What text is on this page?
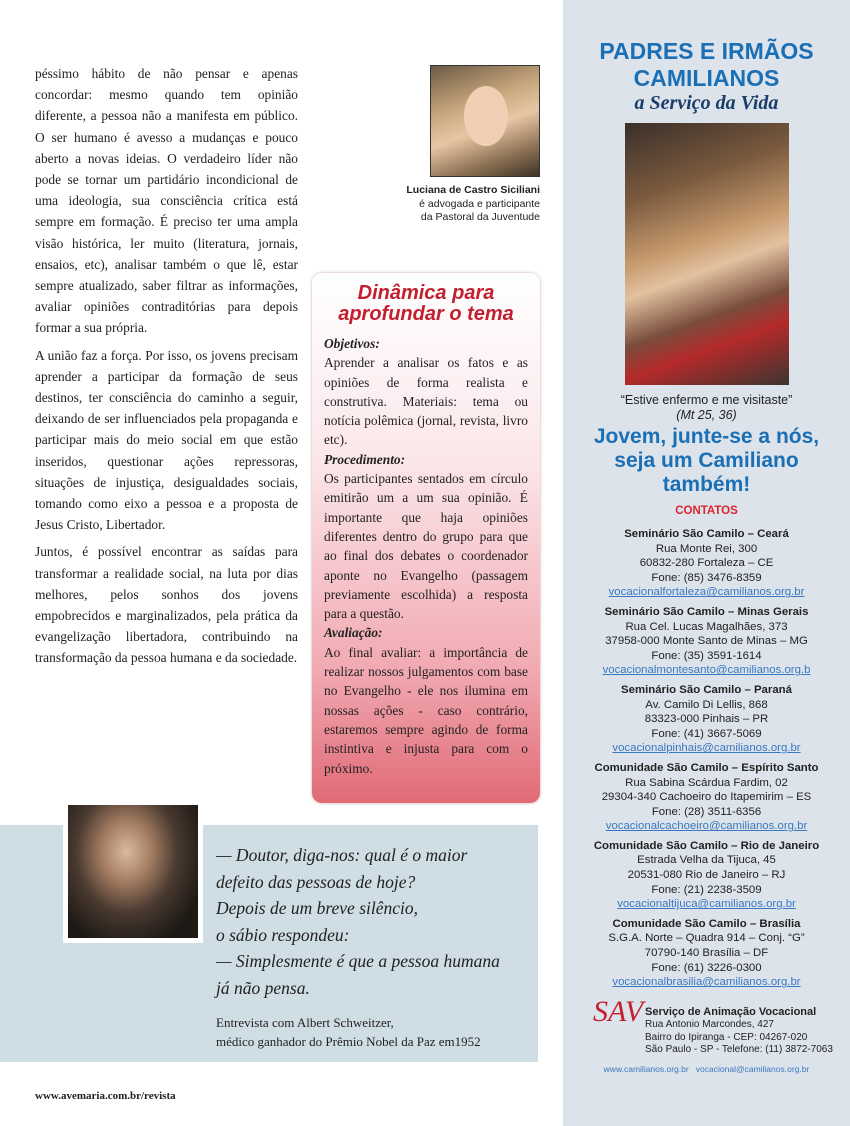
péssimo hábito de não pensar e apenas concordar: mesmo quando tem opinião diferente, a pessoa não a manifesta em público. O ser humano é avesso a mudanças e pouco aberto a novas ideias. O verdadeiro líder não pode se tornar um partidário incondicional de uma ideologia, sua consciência crítica está sempre em formação. É preciso ter uma ampla visão histórica, ler muito (literatura, jornais, ensaios, etc), analisar também o que lê, estar sempre atualizado, saber filtrar as informações, avaliar opiniões contraditórias para depois formar a sua própria.

A união faz a força. Por isso, os jovens precisam aprender a participar da formação de seus destinos, ter consciência do caminho a seguir, deixando de ser influenciados pela propaganda e participar mais do meio social em que estão inseridos, questionar ações repressoras, situações de injustiça, desigualdades sociais, tomando como eixo a pessoa e a proposta de Jesus Cristo, Libertador.

Juntos, é possível encontrar as saídas para transformar a realidade social, na luta por dias melhores, pelos sonhos dos jovens empobrecidos e marginalizados, pela prática da evangelização libertadora, contribuindo na transformação da pessoa humana e da sociedade.

Luciana de Castro Siciliani
é advogada e participante
da Pastoral da Juventude
Dinâmica para aprofundar o tema
Objetivos:
Aprender a analisar os fatos e as opiniões de forma realista e construtiva. Materiais: tema ou notícia polêmica (jornal, revista, livro etc).
Procedimento:
Os participantes sentados em círculo emitirão um a um sua opinião. É importante que haja opiniões diferentes dentro do grupo para que ao final dos debates o coordenador aponte no Evangelho (passagem previamente escolhida) a resposta para a questão.
Avaliação:
Ao final avaliar: a importância de realizar nossos julgamentos com base no Evangelho - ele nos ilumina em nossas ações - caso contrário, estaremos sempre agindo de forma instintiva e injusta para com o próximo.
— Doutor, diga-nos: qual é o maior
defeito das pessoas de hoje?
Depois de um breve silêncio,
o sábio respondeu:
— Simplesmente é que a pessoa humana
já não pensa.
Entrevista com Albert Schweitzer,
médico ganhador do Prêmio Nobel da Paz em1952
www.avemaria.com.br/revista
PADRES E IRMÃOS
CAMILIANOS
a Serviço da Vida
“Estive enfermo e me visitaste”
(Mt 25, 36)
Jovem, junte-se a nós,
seja um Camiliano
também!
CONTATOS
Seminário São Camilo – Ceará

Rua Monte Rei, 300
60832-280 Fortaleza – CE
Fone: (85) 3476-8359
vocacionalfortaleza@camilianos.org.br

Seminário São Camilo – Minas Gerais

Rua Cel. Lucas Magalhães, 373
37958-000 Monte Santo de Minas – MG
Fone: (35) 3591-1614
vocacionalmontesanto@camilianos.org.b

Seminário São Camilo – Paraná

Av. Camilo Di Lellis, 868
83323-000 Pinhais – PR
Fone: (41) 3667-5069
vocacionalpinhais@camilianos.org.br

Comunidade São Camilo – Espírito Santo

Rua Sabina Scárdua Fardim, 02
29304-340 Cachoeiro do Itapemirim – ES
Fone: (28) 3511-6356
vocacionalcachoeiro@camilianos.org.br

Comunidade São Camilo – Rio de Janeiro

Estrada Velha da Tijuca, 45
20531-080 Rio de Janeiro – RJ
Fone: (21) 2238-3509
vocacionaltijuca@camilianos.org.br

Comunidade São Camilo – Brasília

S.G.A. Norte – Quadra 914 – Conj. “G”
70790-140 Brasília – DF
Fone: (61) 3226-0300
vocacionalbrasilia@camilianos.org.br

SAV Serviço de Animação Vocacional
Rua Antonio Marcondes, 427
Bairro do Ipiranga - CEP: 04267-020
São Paulo - SP - Telefone: (11) 3872-7063
www.camilianos.org.br vocacional@camilianos.org.br
